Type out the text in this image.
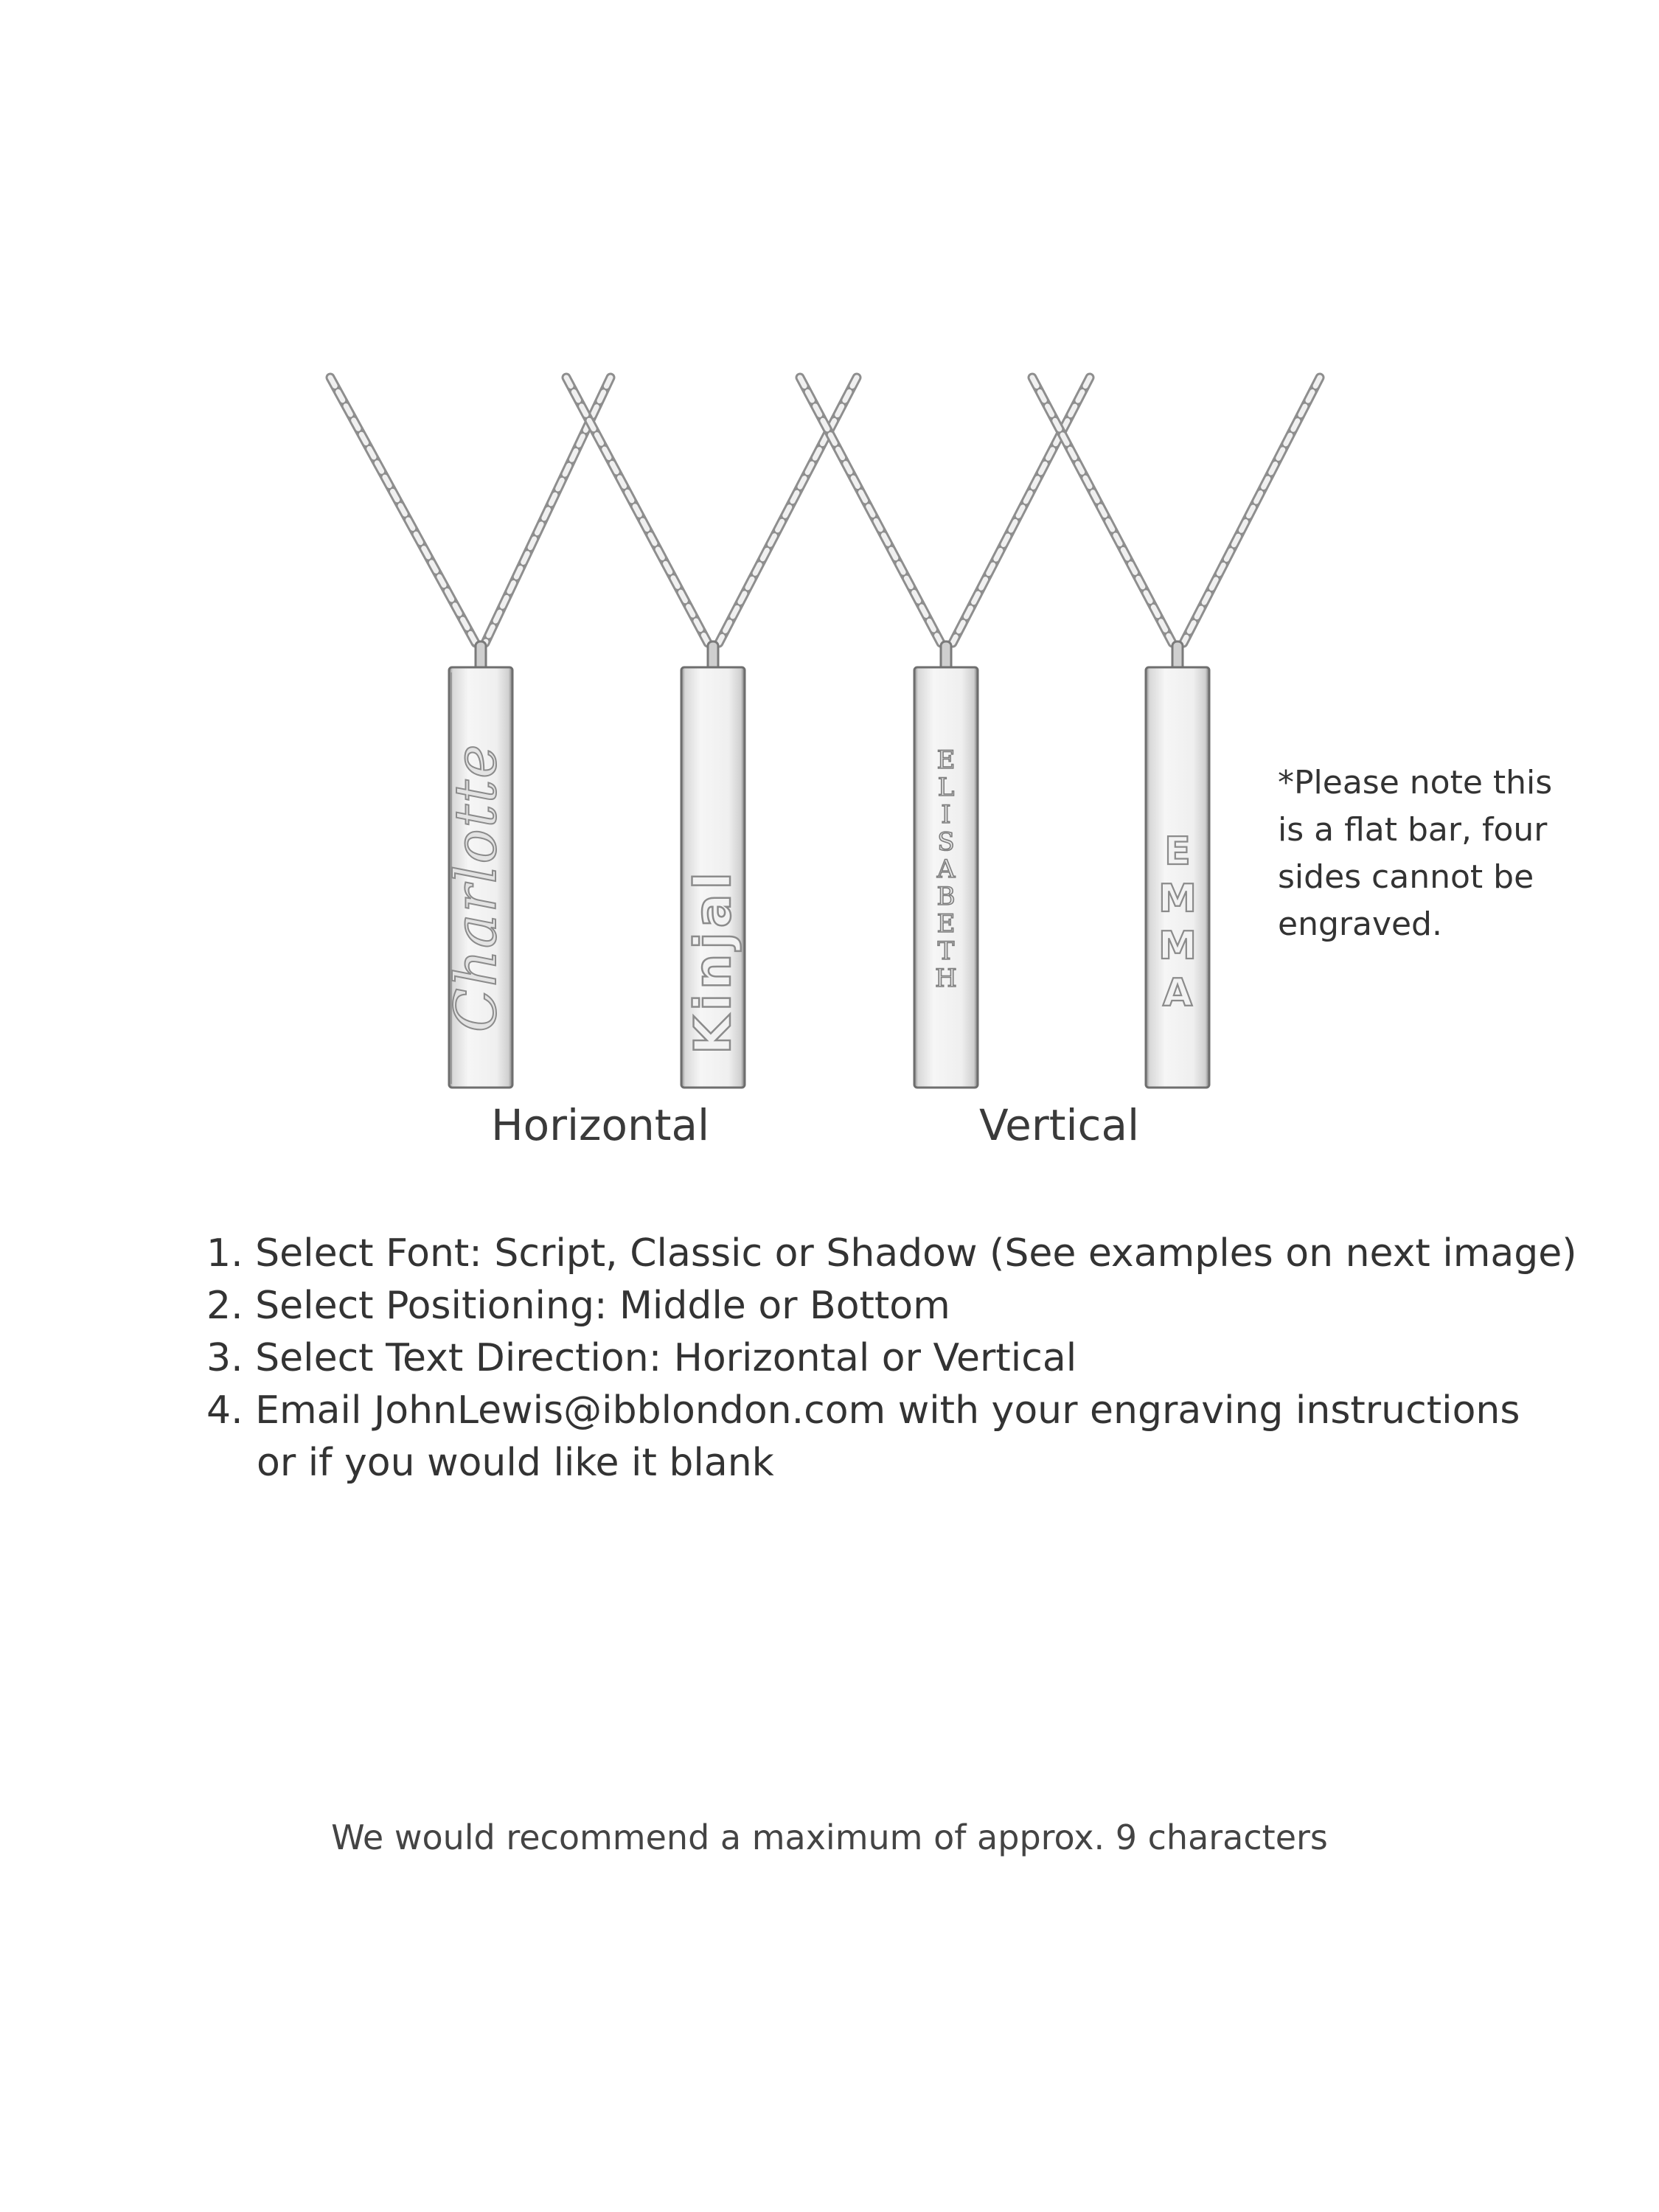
Charlotte	Kinjal
E
L
I
S
A
B
E
T
H
E
M
M
A
Horizontal	Vertical
*Please note this
is a flat bar, four
sides cannot be
engraved.
1. Select Font: Script, Classic or Shadow (See examples on next image)
2. Select Positioning: Middle or Bottom
3. Select Text Direction: Horizontal or Vertical
4. Email JohnLewis@ibblondon.com with your engraving instructions
or if you would like it blank
We would recommend a maximum of approx. 9 characters
